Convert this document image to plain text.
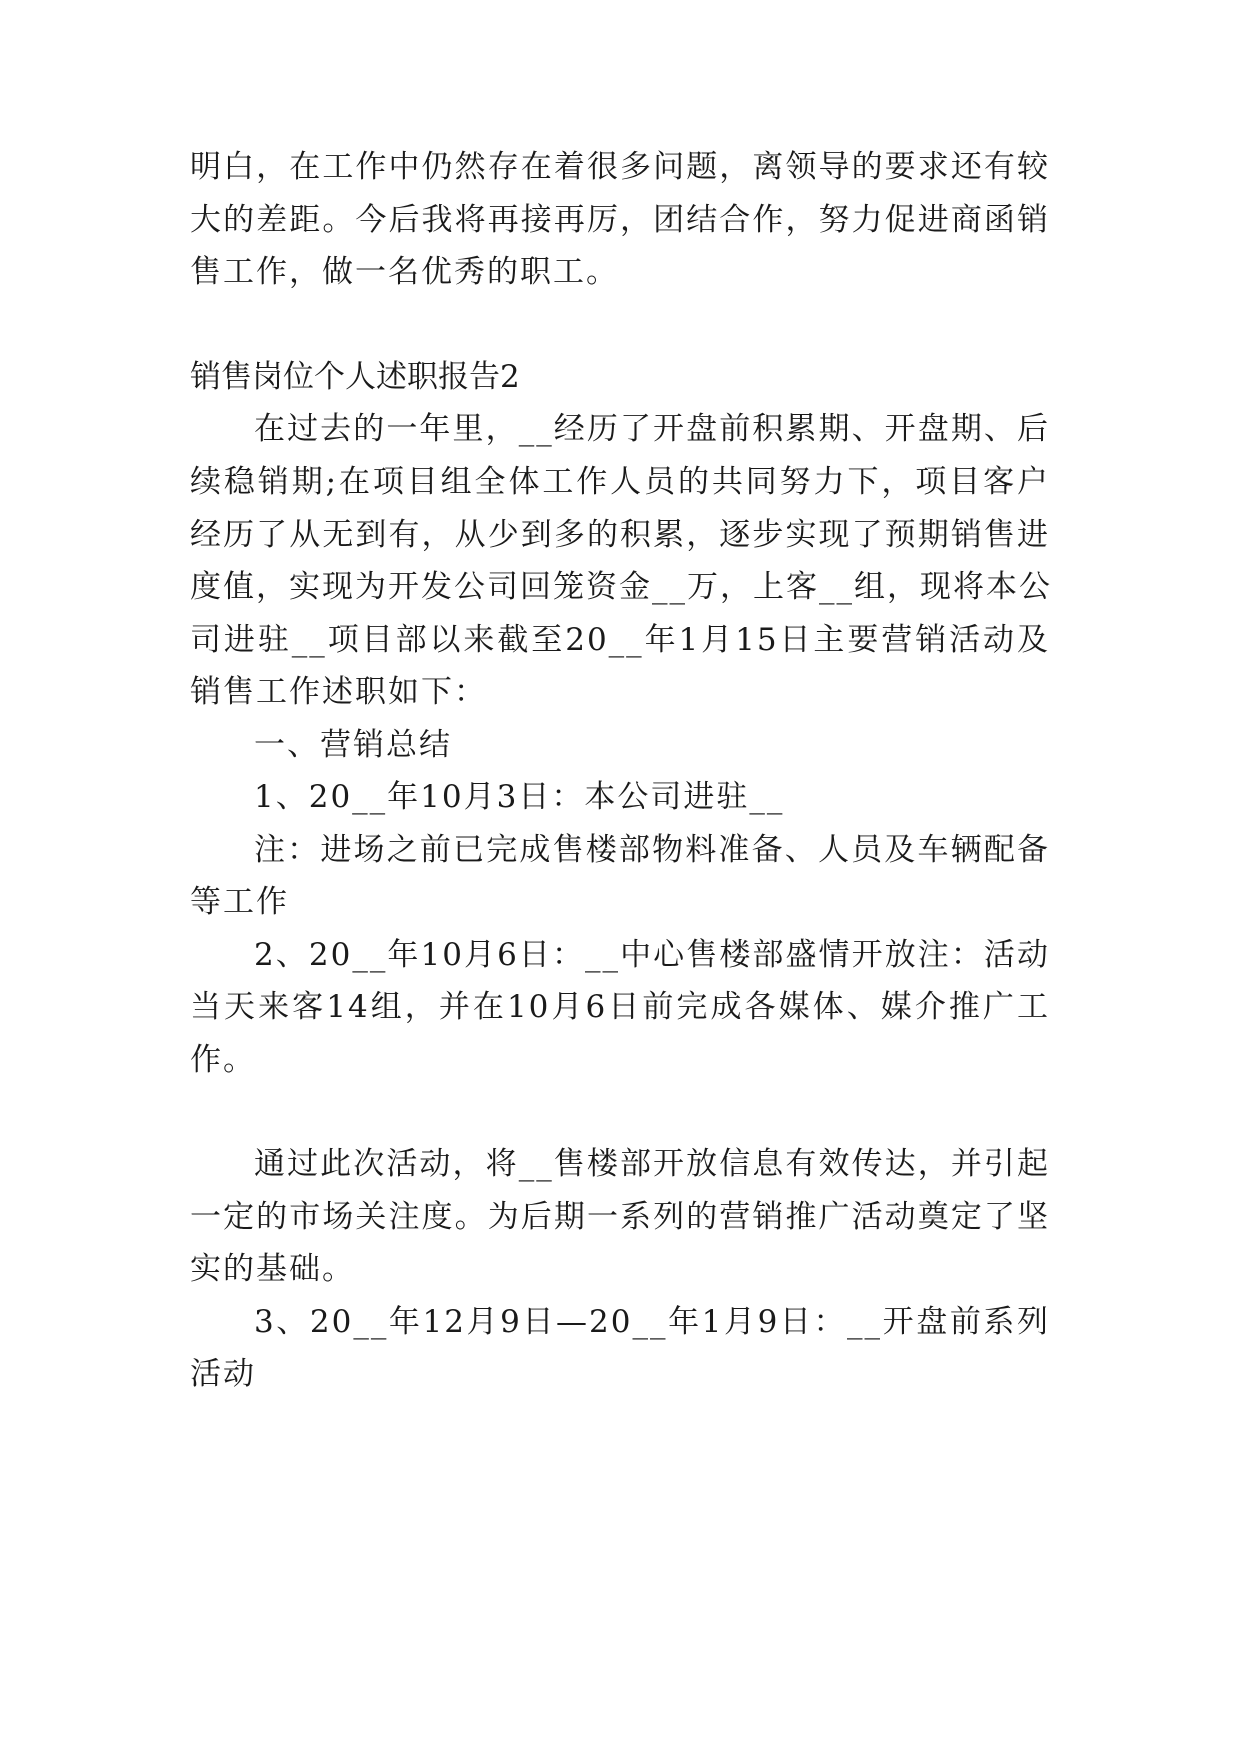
明白，在工作中仍然存在着很多问题，离领导的要求还有较
大的差距。今后我将再接再厉，团结合作，努力促进商函销
售工作，做一名优秀的职工。
销售岗位个人述职报告2
在过去的一年里，__经历了开盘前积累期、开盘期、后
续稳销期;在项目组全体工作人员的共同努力下，项目客户
经历了从无到有，从少到多的积累，逐步实现了预期销售进
度值，实现为开发公司回笼资金__万，上客__组，现将本公
司进驻__项目部以来截至20__年1月15日主要营销活动及
销售工作述职如下：
一、营销总结
1、20__年10月3日：本公司进驻__
注：进场之前已完成售楼部物料准备、人员及车辆配备
等工作
2、20__年10月6日：__中心售楼部盛情开放注：活动
当天来客14组，并在10月6日前完成各媒体、媒介推广工
作。
通过此次活动，将__售楼部开放信息有效传达，并引起
一定的市场关注度。为后期一系列的营销推广活动奠定了坚
实的基础。
3、20__年12月9日—20__年1月9日：__开盘前系列
活动
